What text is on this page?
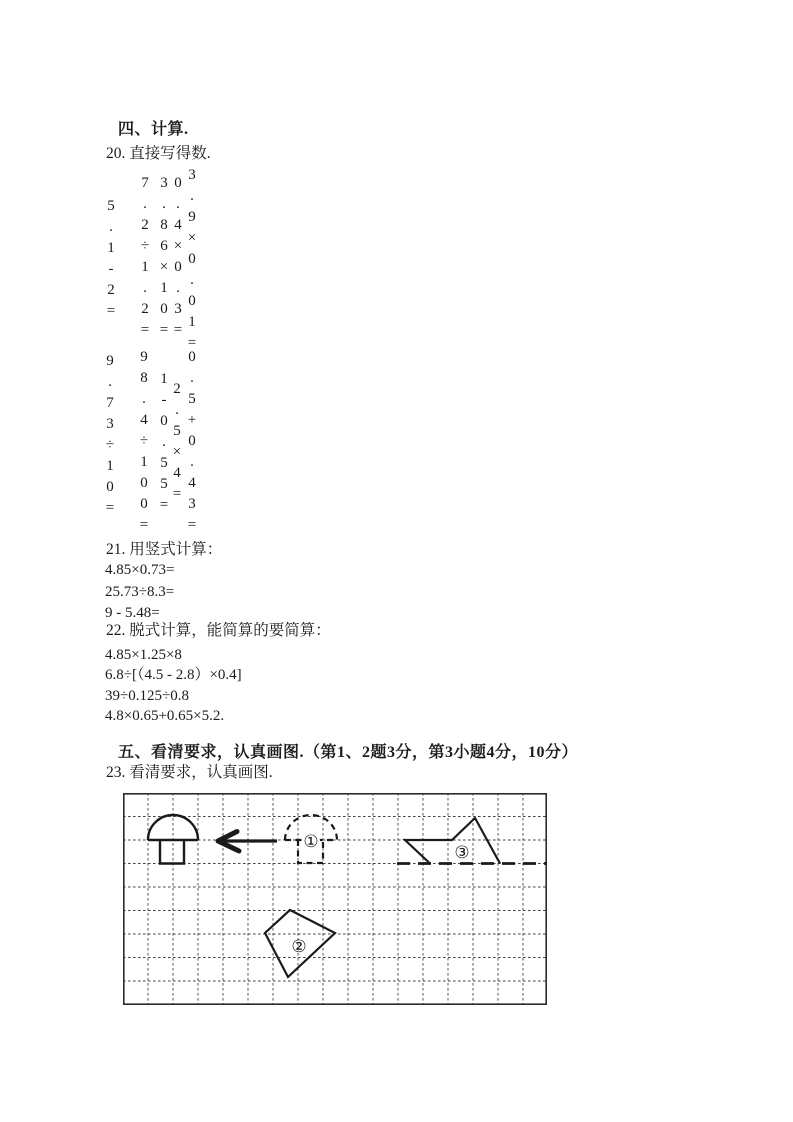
四、计算.
20. 直接写得数.
5
.
1
-
2
=
7
.
2
÷
1
.
2
=
3
.
8
6
×
1
0
=
0
.
4
×
0
.
3
=
3
.
9
×
0
.
0
1
=
9
.
7
3
÷
1
0
=
9
8
.
4
÷
1
0
0
=
1
-
0
.
5
5
=
2
.
5
×
4
=
0
.
5
+
0
.
4
3
=
21. 用竖式计算：
4.85×0.73=
25.73÷8.3=
9 - 5.48=
22. 脱式计算，能简算的要简算：
4.85×1.25×8
6.8÷[（4.5 - 2.8）×0.4]
39÷0.125÷0.8
4.8×0.65+0.65×5.2.
五、看清要求，认真画图.（第1、2题3分，第3小题4分，10分）
23. 看清要求，认真画图.
①
②
③
